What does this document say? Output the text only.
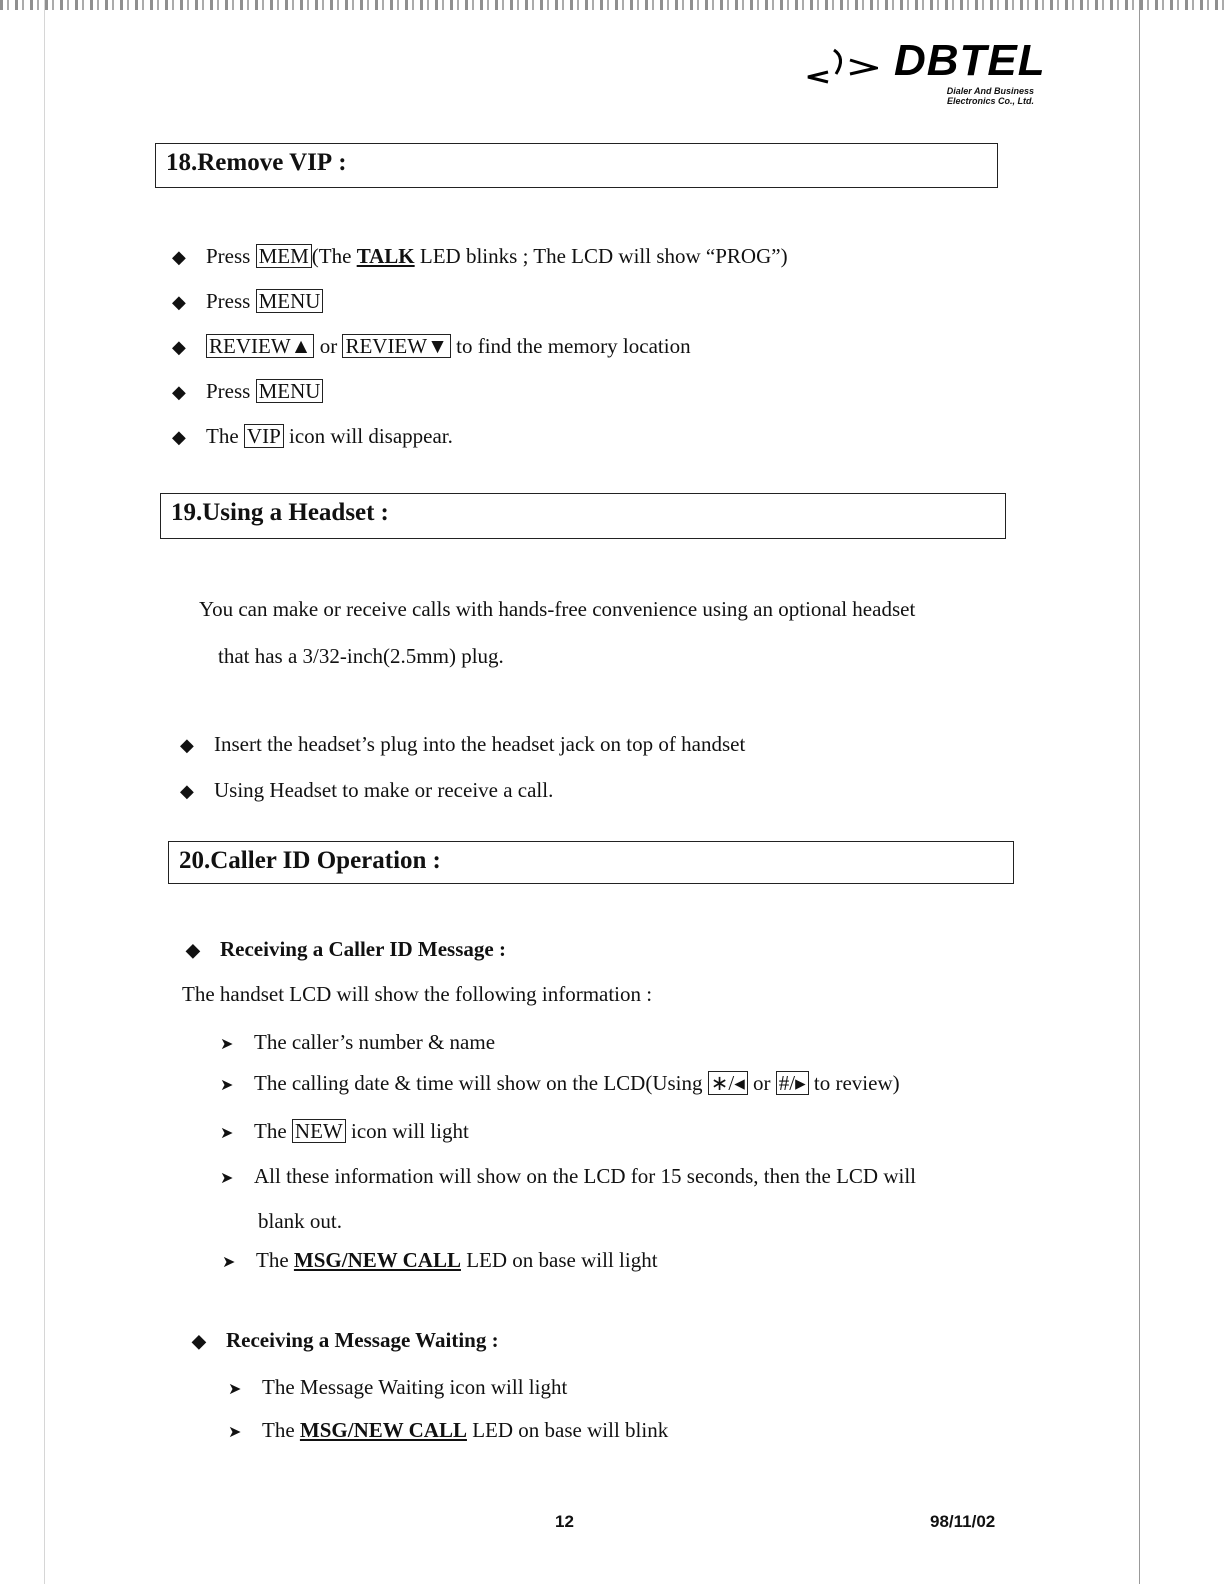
DBTEL
Dialer And Business
Electronics Co., Ltd.
18.Remove VIP :
◆ Press MEM (The TALK LED blinks ; The LCD will show “PROG”)
◆ Press MENU
◆ REVIEW▲ or REVIEW▼ to find the memory location
◆ Press MENU
◆ The VIP icon will disappear.
19.Using a Headset :
You can make or receive calls with hands-free convenience using an optional headset
that has a 3/32-inch(2.5mm) plug.
◆ Insert the headset’s plug into the headset jack on top of handset
◆ Using Headset to make or receive a call.
20.Caller ID Operation :
◆ Receiving a Caller ID Message :
The handset LCD will show the following information :
➤ The caller’s number & name
➤ The calling date & time will show on the LCD(Using ∗/◂ or #/▸ to review)
➤ The NEW icon will light
➤ All these information will show on the LCD for 15 seconds, then the LCD will
blank out.
➤ The MSG/NEW CALL LED on base will light
◆ Receiving a Message Waiting :
➤ The Message Waiting icon will light
➤ The MSG/NEW CALL LED on base will blink
12	98/11/02
